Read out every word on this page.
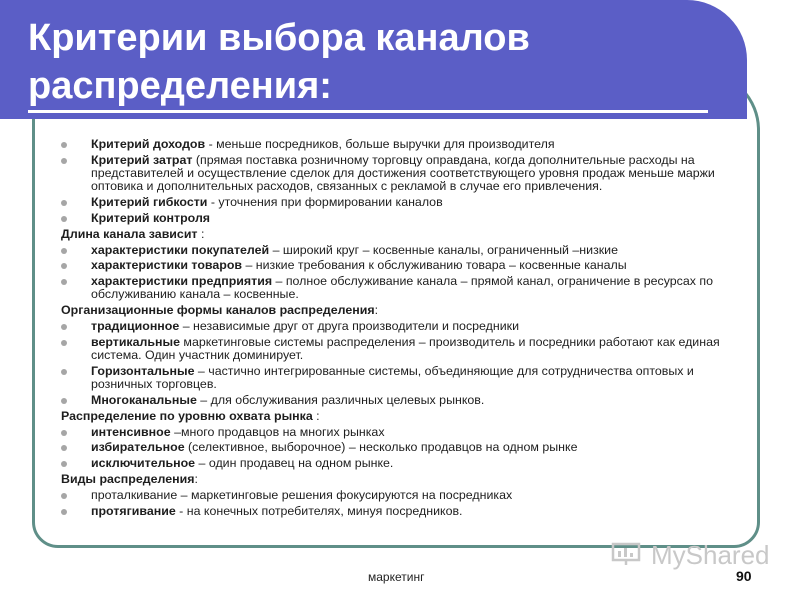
Критерии выбора каналов
распределения:
Критерий доходов - меньше посредников, больше выручки для производителя
Критерий затрат (прямая поставка розничному торговцу оправдана, когда дополнительные расходы на представителей и осуществление сделок для достижения соответствующего уровня продаж меньше маржи оптовика и дополнительных расходов, связанных с рекламой в случае его привлечения.
Критерий гибкости - уточнения при формировании каналов
Критерий контроля
Длина канала зависит :
характеристики покупателей – широкий круг – косвенные каналы, ограниченный –низкие
характеристики товаров – низкие требования к обслуживанию товара – косвенные каналы
характеристики предприятия – полное обслуживание канала – прямой канал, ограничение в ресурсах по обслуживанию канала – косвенные.
Организационные формы каналов распределения:
традиционное – независимые друг от друга производители и посредники
вертикальные маркетинговые системы распределения – производитель и посредники работают как единая система. Один участник доминирует.
Горизонтальные – частично интегрированные системы, объединяющие для сотрудничества оптовых и розничных торговцев.
Многоканальные – для обслуживания различных целевых рынков.
Распределение по уровню охвата рынка :
интенсивное –много продавцов на многих рынках
избирательное (селективное, выборочное) – несколько продавцов на одном рынке
исключительное – один продавец на одном рынке.
Виды распределения:
проталкивание – маркетинговые решения фокусируются на посредниках
протягивание - на конечных потребителях, минуя посредников.
MyShared
маркетинг	90
